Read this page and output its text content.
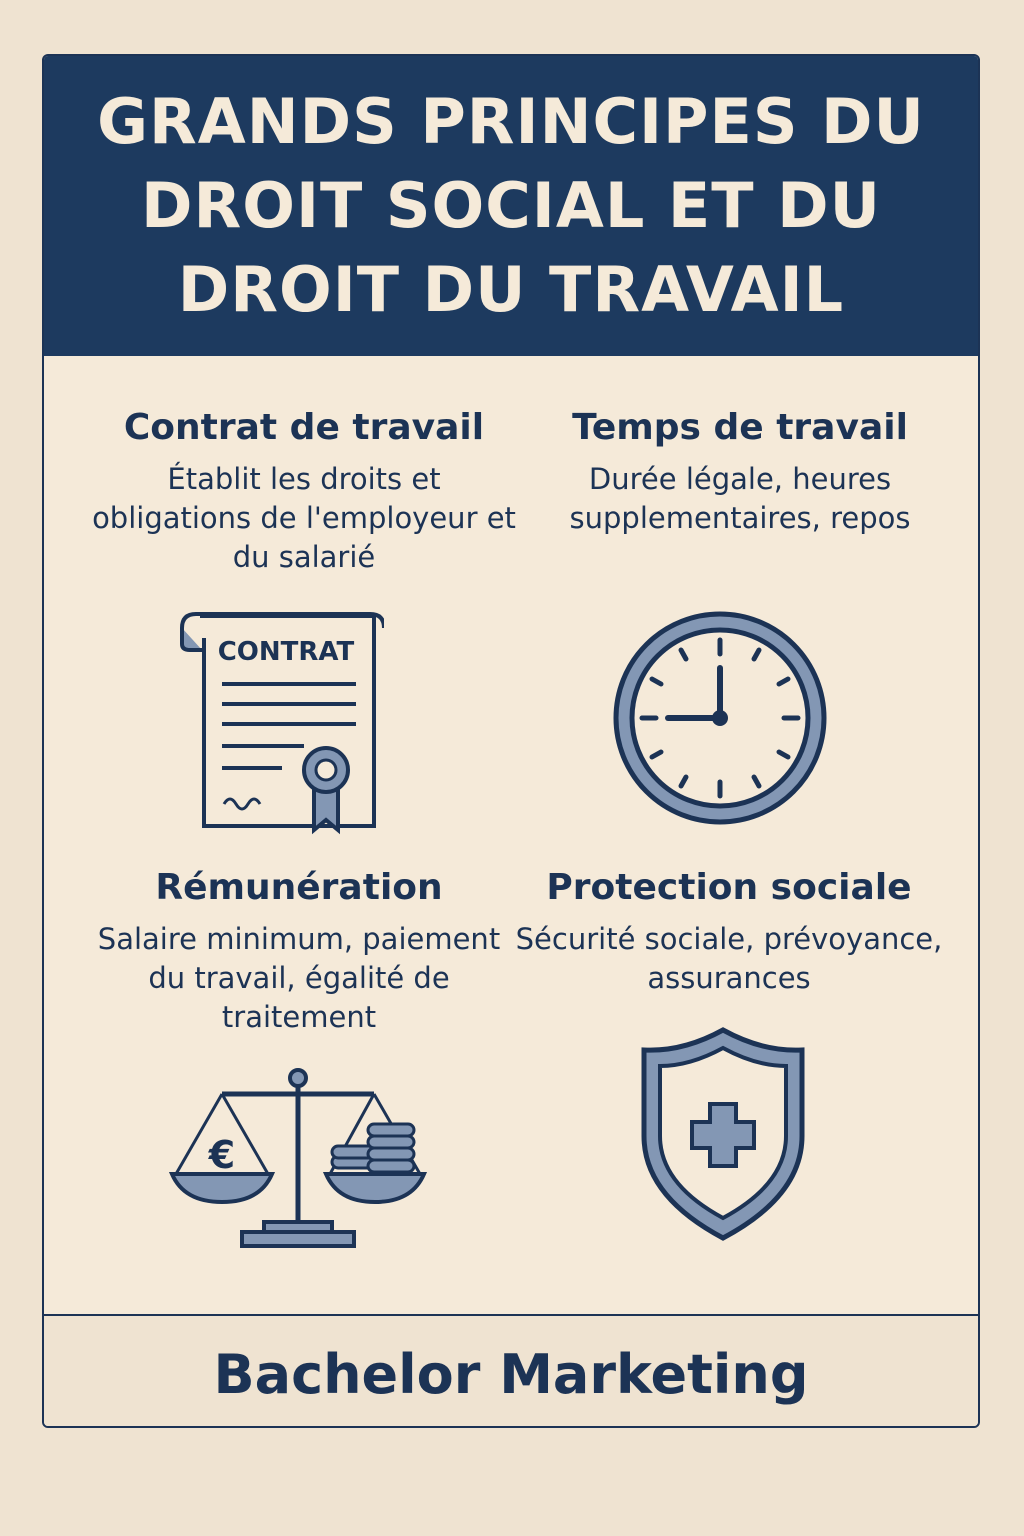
GRANDS PRINCIPES DU DROIT SOCIAL ET DU DROIT DU TRAVAIL
Contrat de travail

Établit les droits et obligations de l'employeur et du salarié

Temps de travail

Durée légale, heures supplementaires, repos

Rémunération

Salaire minimum, paiement du travail, égalité de traitement

Protection sociale

Sécurité sociale, prévoyance, assurances

CONTRAT
€
Bachelor Marketing
